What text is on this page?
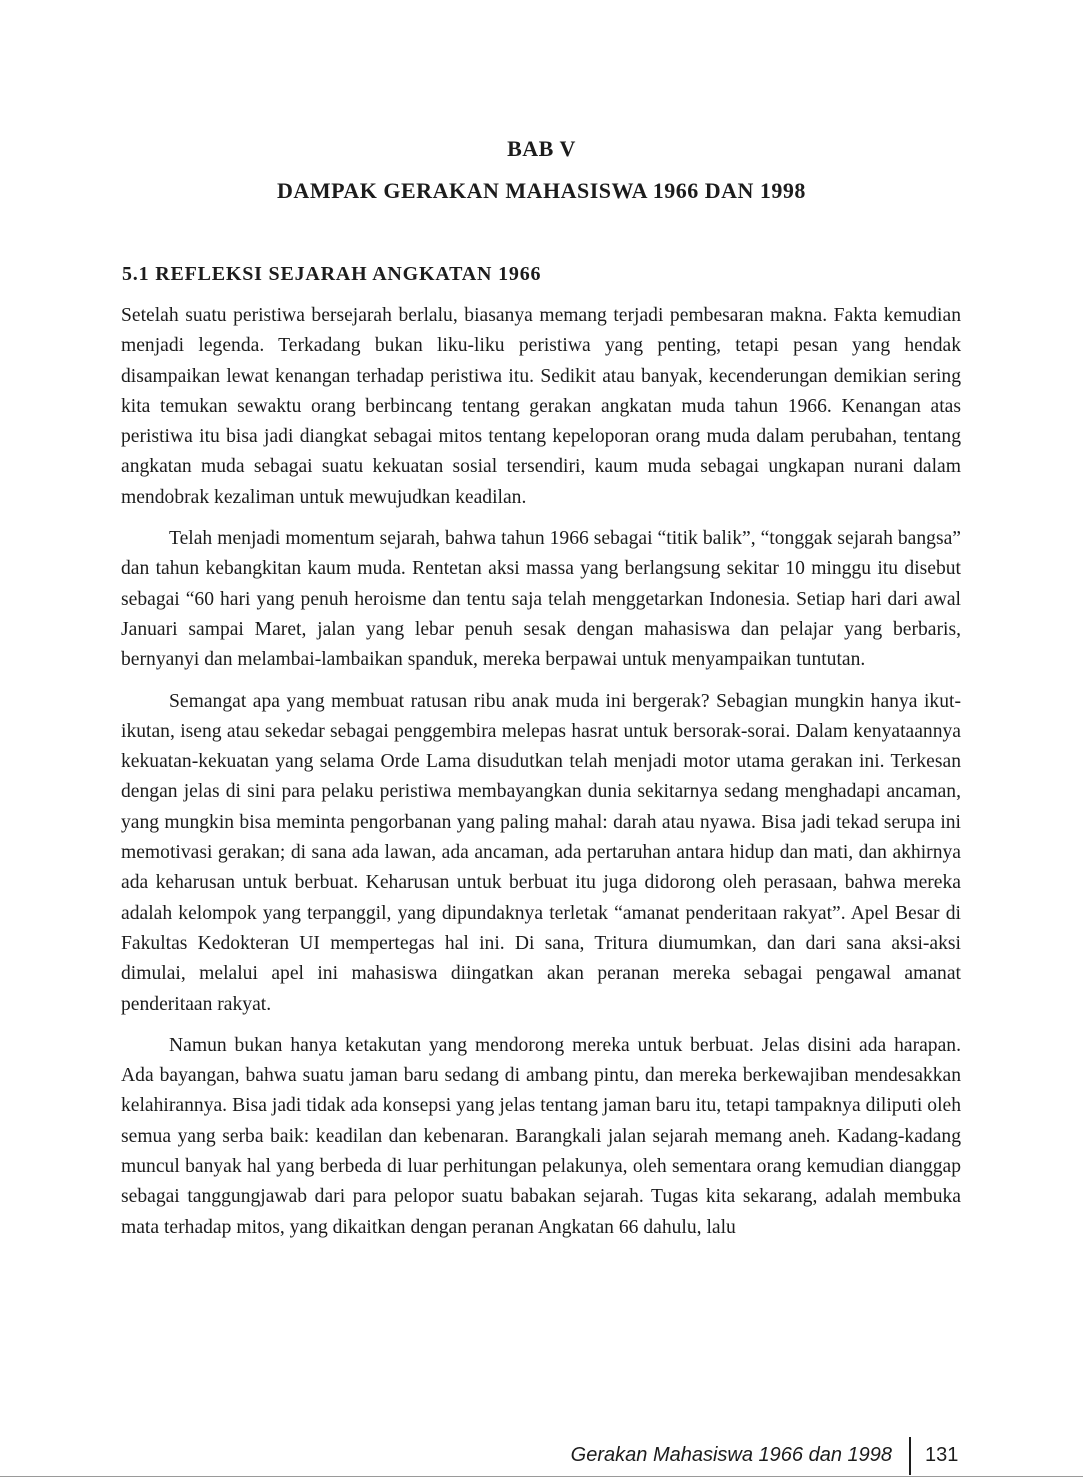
BAB V
DAMPAK GERAKAN MAHASISWA 1966 DAN 1998
5.1 REFLEKSI SEJARAH ANGKATAN 1966

Setelah suatu peristiwa bersejarah berlalu, biasanya memang terjadi pembesaran makna. Fakta kemudian menjadi legenda. Terkadang bukan liku-liku peristiwa yang penting, tetapi pesan yang hendak disampaikan lewat kenangan terhadap peristiwa itu. Sedikit atau banyak, kecenderungan demikian sering kita temukan sewaktu orang berbincang tentang gerakan angkatan muda tahun 1966. Kenangan atas peristiwa itu bisa jadi diangkat sebagai mitos tentang kepeloporan orang muda dalam perubahan, tentang angkatan muda sebagai suatu kekuatan sosial tersendiri, kaum muda sebagai ungkapan nurani dalam mendobrak kezaliman untuk mewujudkan keadilan.

Telah menjadi momentum sejarah, bahwa tahun 1966 sebagai “titik balik”, “tonggak sejarah bangsa” dan tahun kebangkitan kaum muda. Rentetan aksi massa yang berlangsung sekitar 10 minggu itu disebut sebagai “60 hari yang penuh heroisme dan tentu saja telah menggetarkan Indonesia. Setiap hari dari awal Januari sampai Maret, jalan yang lebar penuh sesak dengan mahasiswa dan pelajar yang berbaris, bernyanyi dan melambai-lambaikan spanduk, mereka berpawai untuk menyampaikan tuntutan.

Semangat apa yang membuat ratusan ribu anak muda ini bergerak? Sebagian mungkin hanya ikut-ikutan, iseng atau sekedar sebagai penggembira melepas hasrat untuk bersorak-sorai. Dalam kenyataannya kekuatan-kekuatan yang selama Orde Lama disudutkan telah menjadi motor utama gerakan ini. Terkesan dengan jelas di sini para pelaku peristiwa membayangkan dunia sekitarnya sedang menghadapi ancaman, yang mungkin bisa meminta pengorbanan yang paling mahal: darah atau nyawa. Bisa jadi tekad serupa ini memotivasi gerakan; di sana ada lawan, ada ancaman, ada pertaruhan antara hidup dan mati, dan akhirnya ada keharusan untuk berbuat. Keharusan untuk berbuat itu juga didorong oleh perasaan, bahwa mereka adalah kelompok yang terpanggil, yang dipundaknya terletak “amanat penderitaan rakyat”. Apel Besar di Fakultas Kedokteran UI mempertegas hal ini. Di sana, Tritura diumumkan, dan dari sana aksi-aksi dimulai, melalui apel ini mahasiswa diingatkan akan peranan mereka sebagai pengawal amanat penderitaan rakyat.

Namun bukan hanya ketakutan yang mendorong mereka untuk berbuat. Jelas disini ada harapan. Ada bayangan, bahwa suatu jaman baru sedang di ambang pintu, dan mereka berkewajiban mendesakkan kelahirannya. Bisa jadi tidak ada konsepsi yang jelas tentang jaman baru itu, tetapi tampaknya diliputi oleh semua yang serba baik: keadilan dan kebenaran. Barangkali jalan sejarah memang aneh. Kadang-kadang muncul banyak hal yang berbeda di luar perhitungan pelakunya, oleh sementara orang kemudian dianggap sebagai tanggungjawab dari para pelopor suatu babakan sejarah. Tugas kita sekarang, adalah membuka mata terhadap mitos, yang dikaitkan dengan peranan Angkatan 66 dahulu, lalu

Gerakan Mahasiswa 1966 dan 1998 131
